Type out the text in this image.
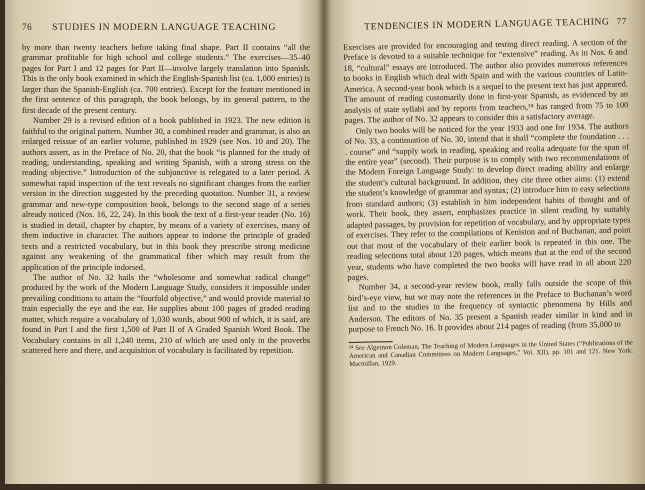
76 STUDIES IN MODERN LANGUAGE TEACHING

by more than twenty teachers before taking final shape. Part II contains “all the grammar profitable for high school and college students.” The exercises—35–40 pages for Part I and 12 pages for Part II—involve largely translation into Spanish. This is the only book examined in which the English-Spanish list (ca. 1,000 entries) is larger than the Spanish-English (ca. 700 entries). Except for the feature mentioned in the first sentence of this paragraph, the book belongs, by its general pattern, to the first decade of the present century.

Number 29 is a revised edition of a book published in 1923. The new edition is faithful to the original pattern. Number 30, a combined reader and grammar, is also an enlarged reissue of an earlier volume, published in 1929 (see Nos. 10 and 20). The authors assert, as in the Preface of No. 20, that the book “is planned for the study of reading, understanding, speaking and writing Spanish, with a strong stress on the reading objective.” Introduction of the subjunctive is relegated to a later period. A somewhat rapid inspection of the text reveals no significant changes from the earlier version in the direction suggested by the preceding quotation. Number 31, a review grammar and new-type composition book, belongs to the second stage of a series already noticed (Nos. 16, 22, 24). In this book the text of a first-year reader (No. 16) is studied in detail, chapter by chapter, by means of a variety of exercises, many of them inductive in character. The authors appear to indorse the principle of graded texts and a restricted vocabulary, but in this book they prescribe strong medicine against any weakening of the grammatical fiber which may result from the application of the principle indorsed.

The author of No. 32 hails the “wholesome and somewhat radical change” produced by the work of the Modern Language Study, considers it impossible under prevailing conditions to attain the “fourfold objective,” and would provide material to train especially the eye and the ear. He supplies about 100 pages of graded reading matter, which require a vocabulary of 1,030 words, about 900 of which, it is said, are found in Part I and the first 1,500 of Part II of A Graded Spanish Word Book. The Vocabulary contains in all 1,240 items, 210 of which are used only in the proverbs scattered here and there, and acquisition of vocabulary is facilitated by repetition.

TENDENCIES IN MODERN LANGUAGE TEACHING 77

Exercises are provided for encouraging and testing direct reading. A section of the Preface is devoted to a suitable technique for “extensive” reading. As in Nos. 6 and 18, “cultural” essays are introduced. The author also provides numerous references to books in English which deal with Spain and with the various countries of Latin-America. A second-year book which is a sequel to the present text has just appeared. The amount of reading customarily done in first-year Spanish, as evidenced by an analysis of state syllabi and by reports from teachers,³⁴ has ranged from 75 to 100 pages. The author of No. 32 appears to consider this a satisfactory average.

Only two books will be noticed for the year 1933 and one for 1934. The authors of No. 33, a continuation of No. 30, intend that it shall “complete the foundation . . . . course” and “supply work in reading, speaking and realia adequate for the span of the entire year” (second). Their purpose is to comply with two recommendations of the Modern Foreign Language Study: to develop direct reading ability and enlarge the student’s cultural background. In addition, they cite three other aims: (1) extend the student’s knowledge of grammar and syntax; (2) introduce him to easy selections from standard authors; (3) establish in him independent habits of thought and of work. Their book, they assert, emphasizes practice in silent reading by suitably adapted passages, by provision for repetition of vocabulary, and by appropriate types of exercises. They refer to the compilations of Keniston and of Buchanan, and point out that most of the vocabulary of their earlier book is repeated in this one. The reading selections total about 120 pages, which means that at the end of the second year, students who have completed the two books will have read in all about 220 pages.

Number 34, a second-year review book, really falls outside the scope of this bird’s-eye view, but we may note the references in the Preface to Buchanan’s word list and to the studies in the frequency of syntactic phenomena by Hills and Anderson. The editors of No. 35 present a Spanish reader similar in kind and in purpose to French No. 16. It provides about 214 pages of reading (from 35,000 to

³⁴ See Algernon Coleman, The Teaching of Modern Languages in the United States (“Publications of the American and Canadian Committees on Modern Languages,” Vol. XII), pp. 101 and 121. New York: Macmillan, 1929.
